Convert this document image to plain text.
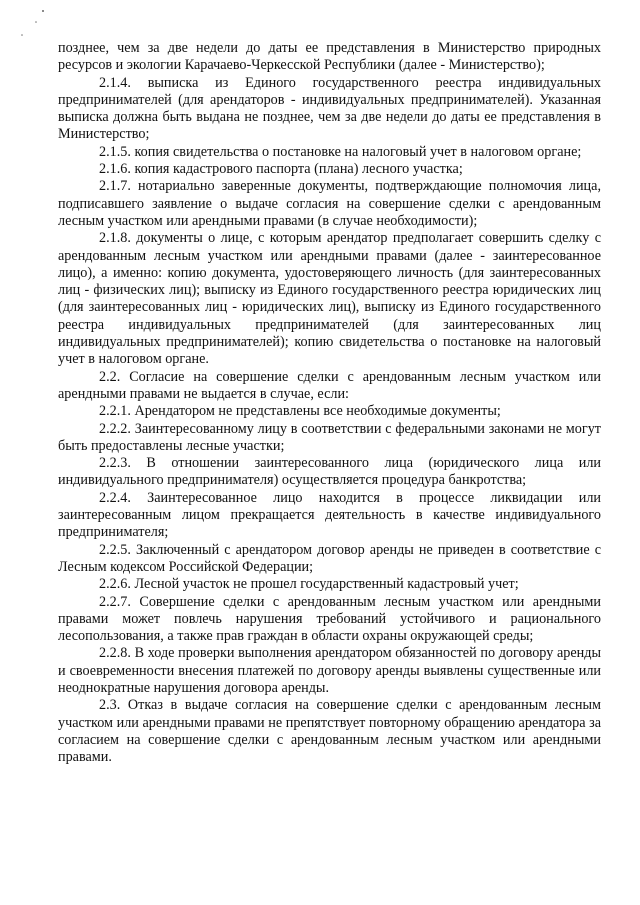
позднее, чем за две недели до даты ее представления в Министерство природных ресурсов и экологии Карачаево-Черкесской Республики (далее - Министерство);

2.1.4. выписка из Единого государственного реестра индивидуальных предпринимателей (для арендаторов - индивидуальных предпринимателей). Указанная выписка должна быть выдана не позднее, чем за две недели до даты ее представления в Министерство;

2.1.5. копия свидетельства о постановке на налоговый учет в налоговом органе;

2.1.6. копия кадастрового паспорта (плана) лесного участка;

2.1.7. нотариально заверенные документы, подтверждающие полномочия лица, подписавшего заявление о выдаче согласия на совершение сделки с арендованным лесным участком или арендными правами (в случае необходимости);

2.1.8. документы о лице, с которым арендатор предполагает совершить сделку с арендованным лесным участком или арендными правами (далее - заинтересованное лицо), а именно: копию документа, удостоверяющего личность (для заинтересованных лиц - физических лиц); выписку из Единого государственного реестра юридических лиц (для заинтересованных лиц - юридических лиц), выписку из Единого государственного реестра индивидуальных предпринимателей (для заинтересованных лиц индивидуальных предпринимателей); копию свидетельства о постановке на налоговый учет в налоговом органе.

2.2. Согласие на совершение сделки с арендованным лесным участком или арендными правами не выдается в случае, если:

2.2.1. Арендатором не представлены все необходимые документы;

2.2.2. Заинтересованному лицу в соответствии с федеральными законами не могут быть предоставлены лесные участки;

2.2.3. В отношении заинтересованного лица (юридического лица или индивидуального предпринимателя) осуществляется процедура банкротства;

2.2.4. Заинтересованное лицо находится в процессе ликвидации или заинтересованным лицом прекращается деятельность в качестве индивидуального предпринимателя;

2.2.5. Заключенный с арендатором договор аренды не приведен в соответствие с Лесным кодексом Российской Федерации;

2.2.6. Лесной участок не прошел государственный кадастровый учет;

2.2.7. Совершение сделки с арендованным лесным участком или арендными правами может повлечь нарушения требований устойчивого и рационального лесопользования, а также прав граждан в области охраны окружающей среды;

2.2.8. В ходе проверки выполнения арендатором обязанностей по договору аренды и своевременности внесения платежей по договору аренды выявлены существенные или неоднократные нарушения договора аренды.

2.3. Отказ в выдаче согласия на совершение сделки с арендованным лесным участком или арендными правами не препятствует повторному обращению арендатора за согласием на совершение сделки с арендованным лесным участком или арендными правами.
